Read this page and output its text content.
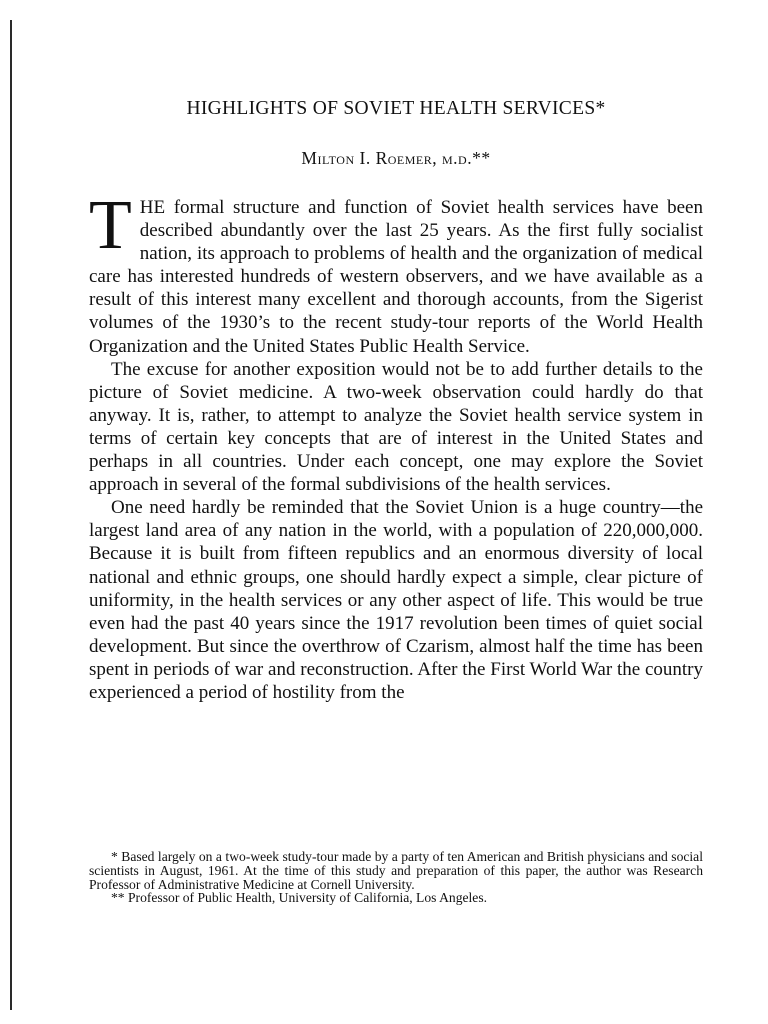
HIGHLIGHTS OF SOVIET HEALTH SERVICES*
Milton I. Roemer, m.d.**

THE formal structure and function of Soviet health services have been described abundantly over the last 25 years. As the first fully socialist nation, its approach to problems of health and the organization of medical care has interested hundreds of western observers, and we have available as a result of this interest many excellent and thorough accounts, from the Sigerist volumes of the 1930’s to the recent study-tour reports of the World Health Organization and the United States Public Health Service.

The excuse for another exposition would not be to add further details to the picture of Soviet medicine. A two-week observation could hardly do that anyway. It is, rather, to attempt to analyze the Soviet health service system in terms of certain key concepts that are of interest in the United States and perhaps in all countries. Under each concept, one may explore the Soviet approach in several of the formal subdivisions of the health services.

One need hardly be reminded that the Soviet Union is a huge country—the largest land area of any nation in the world, with a population of 220,000,000. Because it is built from fifteen republics and an enormous diversity of local national and ethnic groups, one should hardly expect a simple, clear picture of uniformity, in the health services or any other aspect of life. This would be true even had the past 40 years since the 1917 revolution been times of quiet social development. But since the overthrow of Czarism, almost half the time has been spent in periods of war and reconstruction. After the First World War the country experienced a period of hostility from the

* Based largely on a two-week study-tour made by a party of ten American and British physicians and social scientists in August, 1961. At the time of this study and preparation of this paper, the author was Research Professor of Administrative Medicine at Cornell University.

** Professor of Public Health, University of California, Los Angeles.
